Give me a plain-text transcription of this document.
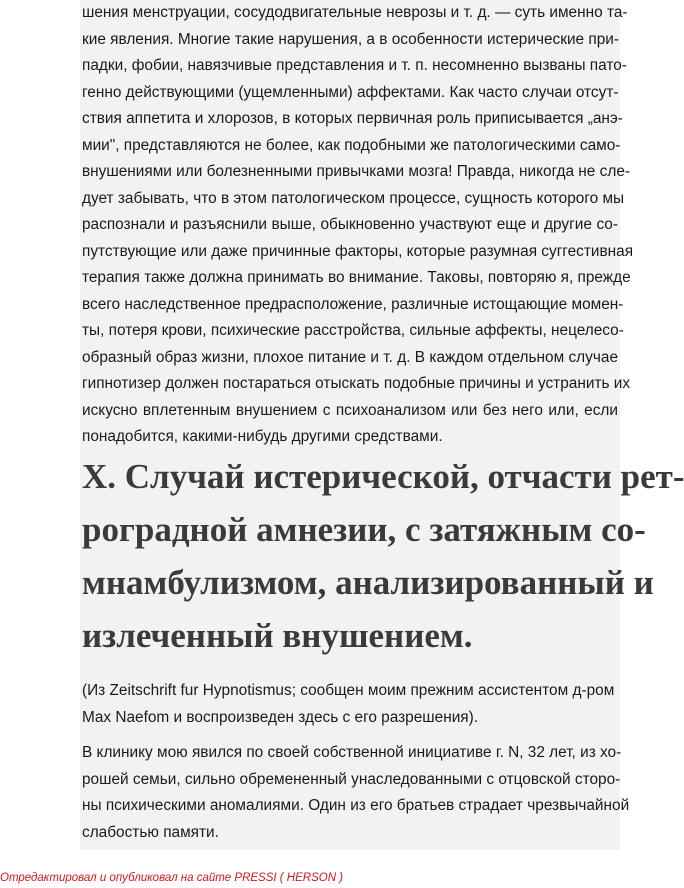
шения менструации, сосудодвигательные неврозы и т. д. — суть именно та-
кие явления. Многие такие нарушения, а в особенности истерические при-
падки, фобии, навязчивые представления и т. п. несомненно вызваны пато-
генно действующими (ущемленными) аффектами. Как часто случаи отсут-
ствия аппетита и хлорозов, в которых первичная роль приписывается „анэ-
мии", представляются не более, как подобными же патологическими само-
внушениями или болезненными привычками мозга! Правда, никогда не сле-
дует забывать, что в этом патологическом процессе, сущность которого мы
распознали и разъяснили выше, обыкновенно участвуют еще и другие со-
путствующие или даже причинные факторы, которые разумная суггестивная
терапия также должна принимать во внимание. Таковы, повторяю я, прежде
всего наследственное предрасположение, различные истощающие момен-
ты, потеря крови, психические расстройства, сильные аффекты, нецелесо-
образный образ жизни, плохое питание и т. д. В каждом отдельном случае
гипнотизер должен постараться отыскать подобные причины и устранить их
искусно вплетенным внушением с психоанализом или без него или, если
понадобится, какими-нибудь другими средствами.
X. Случай истерической, отчасти рет-
роградной амнезии, с затяжным со-
мнамбулизмом, анализированный и
излеченный внушением.
(Из Zeitschrift fur Hypnotismus; сообщен моим прежним ассистентом д-ром
Max Naefom и воспроизведен здесь с его разрешения).
В клинику мою явился по своей собственной инициативе г. N, 32 лет, из хо-
рошей семьи, сильно обремененный унаследованными с отцовской сторо-
ны психическими аномалиями. Один из его братьев страдает чрезвычайной
слабостью памяти.
Отредактировал и опубликовал на сайте PRESSI ( HERSON )
